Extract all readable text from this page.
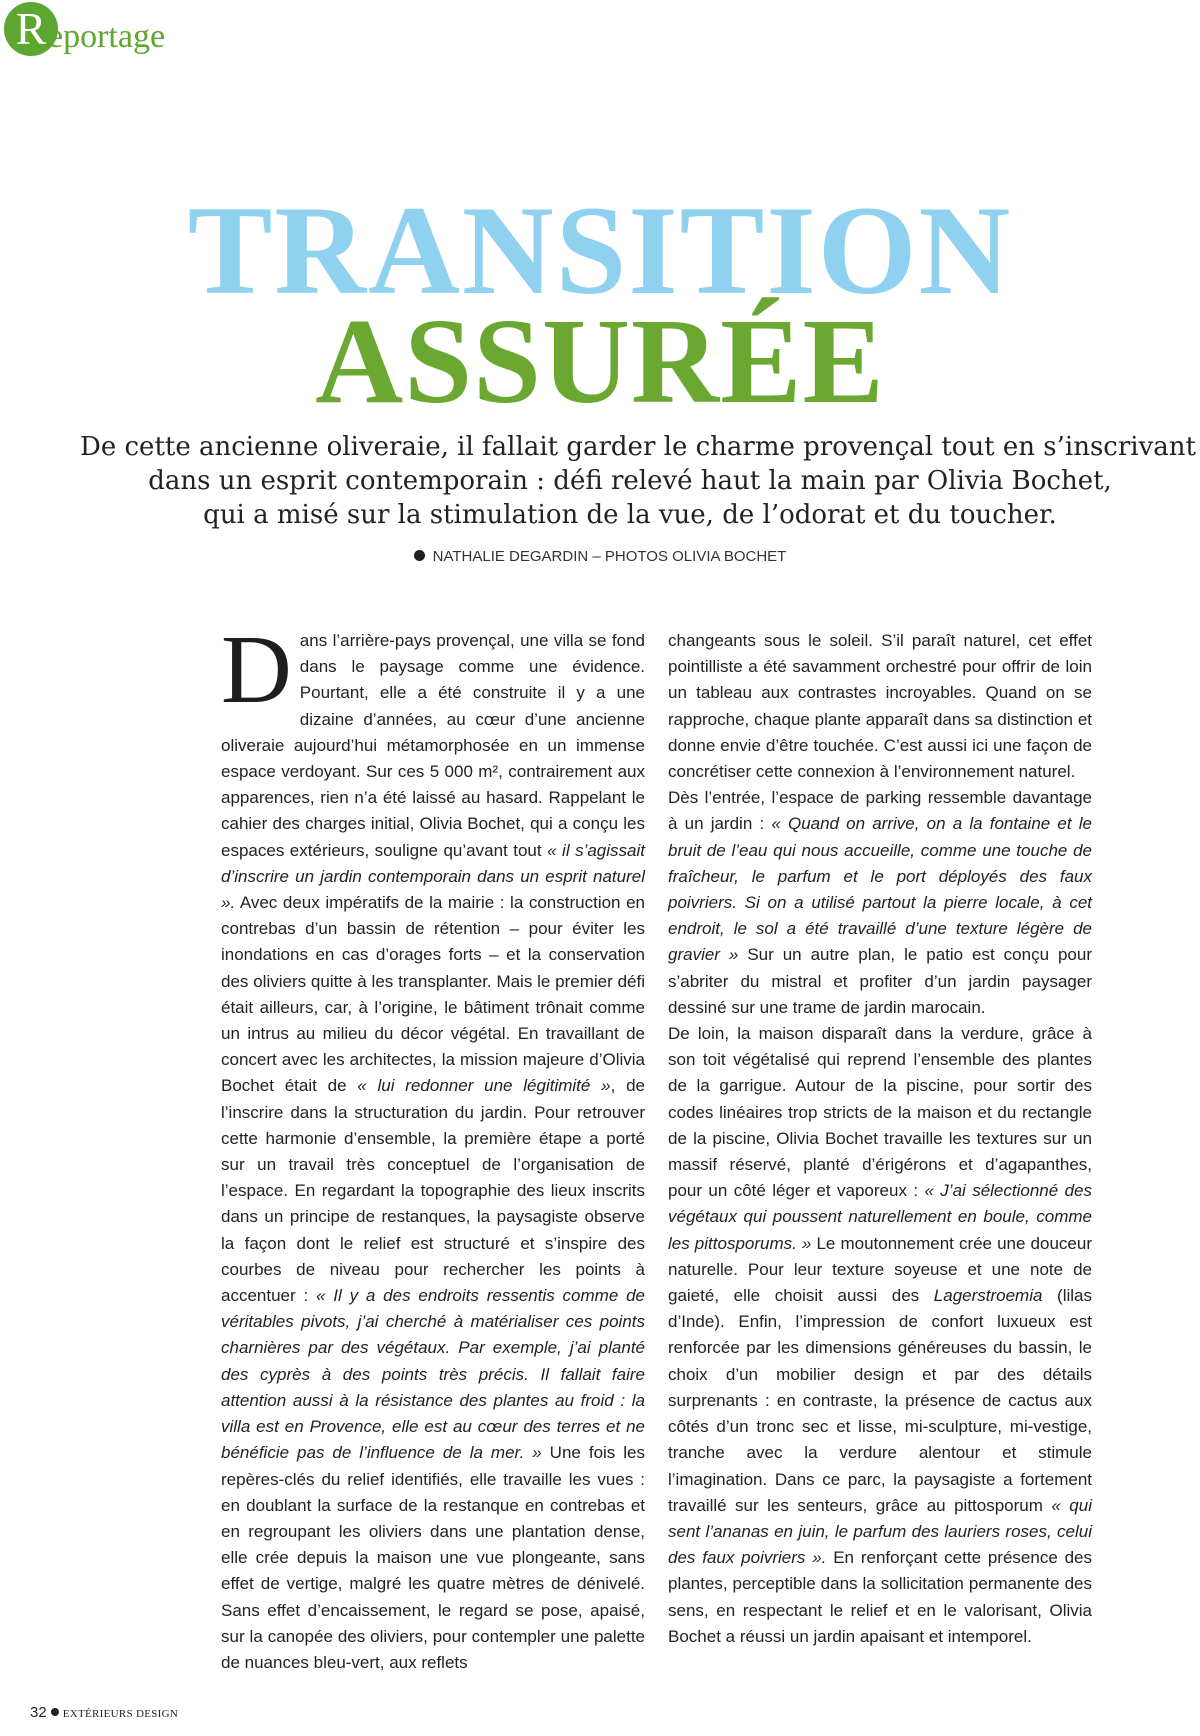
R eportage
TRANSITION
ASSURÉE

De cette ancienne oliveraie, il fallait garder le charme provençal tout en s’inscrivant

dans un esprit contemporain : défi relevé haut la main par Olivia Bochet,

qui a misé sur la stimulation de la vue, de l’odorat et du toucher.

NATHALIE DEGARDIN – PHOTOS OLIVIA BOCHET

Dans l’arrière-pays provençal, une villa se fond dans le paysage comme une évidence. Pourtant, elle a été construite il y a une dizaine d’années, au cœur d’une ancienne oliveraie aujourd’hui métamorphosée en un immense espace verdoyant. Sur ces 5 000 m², contrairement aux apparences, rien n’a été laissé au hasard. Rappelant le cahier des charges initial, Olivia Bochet, qui a conçu les espaces extérieurs, souligne qu’avant tout « il s’agissait d’inscrire un jardin contemporain dans un esprit naturel ». Avec deux impératifs de la mairie : la construction en contrebas d’un bassin de rétention – pour éviter les inondations en cas d’orages forts – et la conservation des oliviers quitte à les transplanter. Mais le premier défi était ailleurs, car, à l’origine, le bâtiment trônait comme un intrus au milieu du décor végétal. En travaillant de concert avec les architectes, la mission majeure d’Olivia Bochet était de « lui redonner une légitimité », de l’inscrire dans la structuration du jardin. Pour retrouver cette harmonie d’ensemble, la première étape a porté sur un travail très conceptuel de l’organisation de l’espace. En regardant la topographie des lieux inscrits dans un principe de restanques, la paysagiste observe la façon dont le relief est structuré et s’inspire des courbes de niveau pour rechercher les points à accentuer : « Il y a des endroits ressentis comme de véritables pivots, j’ai cherché à matérialiser ces points charnières par des végétaux. Par exemple, j’ai planté des cyprès à des points très précis. Il fallait faire attention aussi à la résistance des plantes au froid : la villa est en Provence, elle est au cœur des terres et ne bénéficie pas de l’influence de la mer. » Une fois les repères-clés du relief identifiés, elle travaille les vues : en doublant la surface de la restanque en contrebas et en regroupant les oliviers dans une plantation dense, elle crée depuis la maison une vue plongeante, sans effet de vertige, malgré les quatre mètres de dénivelé. Sans effet d’encaissement, le regard se pose, apaisé, sur la canopée des oliviers, pour contempler une palette de nuances bleu-vert, aux reflets

changeants sous le soleil. S’il paraît naturel, cet effet pointilliste a été savamment orchestré pour offrir de loin un tableau aux contrastes incroyables. Quand on se rapproche, chaque plante apparaît dans sa distinction et donne envie d’être touchée. C’est aussi ici une façon de concrétiser cette connexion à l’environnement naturel.

Dès l’entrée, l’espace de parking ressemble davantage à un jardin : « Quand on arrive, on a la fontaine et le bruit de l’eau qui nous accueille, comme une touche de fraîcheur, le parfum et le port déployés des faux poivriers. Si on a utilisé partout la pierre locale, à cet endroit, le sol a été travaillé d’une texture légère de gravier » Sur un autre plan, le patio est conçu pour s’abriter du mistral et profiter d’un jardin paysager dessiné sur une trame de jardin marocain.

De loin, la maison disparaît dans la verdure, grâce à son toit végétalisé qui reprend l’ensemble des plantes de la garrigue. Autour de la piscine, pour sortir des codes linéaires trop stricts de la maison et du rectangle de la piscine, Olivia Bochet travaille les textures sur un massif réservé, planté d’érigérons et d’agapanthes, pour un côté léger et vaporeux : « J’ai sélectionné des végétaux qui poussent naturellement en boule, comme les pittosporums. » Le moutonnement crée une douceur naturelle. Pour leur texture soyeuse et une note de gaieté, elle choisit aussi des Lagerstroemia (lilas d’Inde). Enfin, l’impression de confort luxueux est renforcée par les dimensions généreuses du bassin, le choix d’un mobilier design et par des détails surprenants : en contraste, la présence de cactus aux côtés d’un tronc sec et lisse, mi-sculpture, mi-vestige, tranche avec la verdure alentour et stimule l’imagination. Dans ce parc, la paysagiste a fortement travaillé sur les senteurs, grâce au pittosporum « qui sent l’ananas en juin, le parfum des lauriers roses, celui des faux poivriers ». En renforçant cette présence des plantes, perceptible dans la sollicitation permanente des sens, en respectant le relief et en le valorisant, Olivia Bochet a réussi un jardin apaisant et intemporel.

32 EXTÉRIEURS DESIGN
